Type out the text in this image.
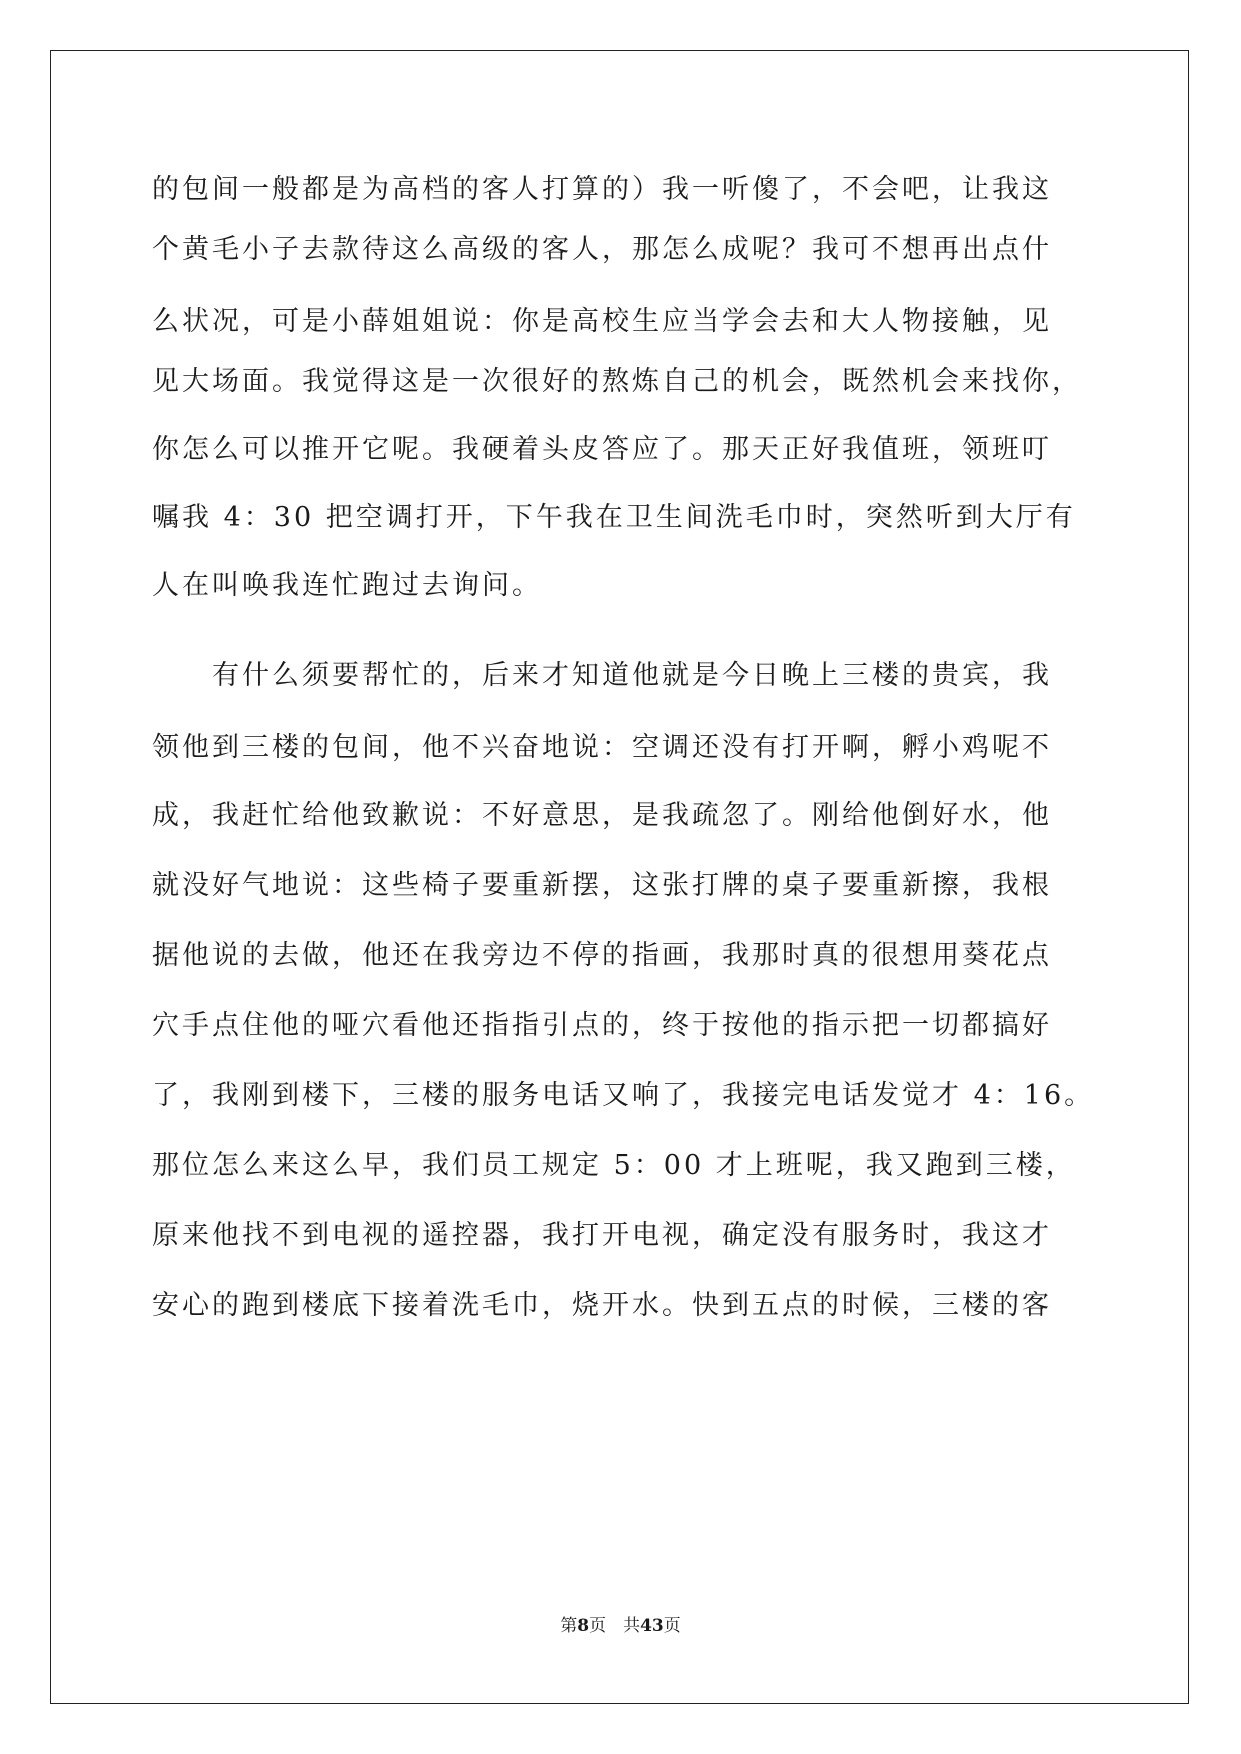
的包间一般都是为高档的客人打算的）我一听傻了，不会吧，让我这

个黄毛小子去款待这么高级的客人，那怎么成呢？我可不想再出点什

么状况，可是小薛姐姐说：你是高校生应当学会去和大人物接触，见

见大场面。我觉得这是一次很好的熬炼自己的机会，既然机会来找你，

你怎么可以推开它呢。我硬着头皮答应了。那天正好我值班，领班叮

嘱我 4：30 把空调打开，下午我在卫生间洗毛巾时，突然听到大厅有

人在叫唤我连忙跑过去询问。

有什么须要帮忙的，后来才知道他就是今日晚上三楼的贵宾，我

领他到三楼的包间，他不兴奋地说：空调还没有打开啊，孵小鸡呢不

成，我赶忙给他致歉说：不好意思，是我疏忽了。刚给他倒好水，他

就没好气地说：这些椅子要重新摆，这张打牌的桌子要重新擦，我根

据他说的去做，他还在我旁边不停的指画，我那时真的很想用葵花点

穴手点住他的哑穴看他还指指引点的，终于按他的指示把一切都搞好

了，我刚到楼下，三楼的服务电话又响了，我接完电话发觉才 4：16。

那位怎么来这么早，我们员工规定 5：00 才上班呢，我又跑到三楼，

原来他找不到电视的遥控器，我打开电视，确定没有服务时，我这才

安心的跑到楼底下接着洗毛巾，烧开水。快到五点的时候，三楼的客

第8页　共43页
